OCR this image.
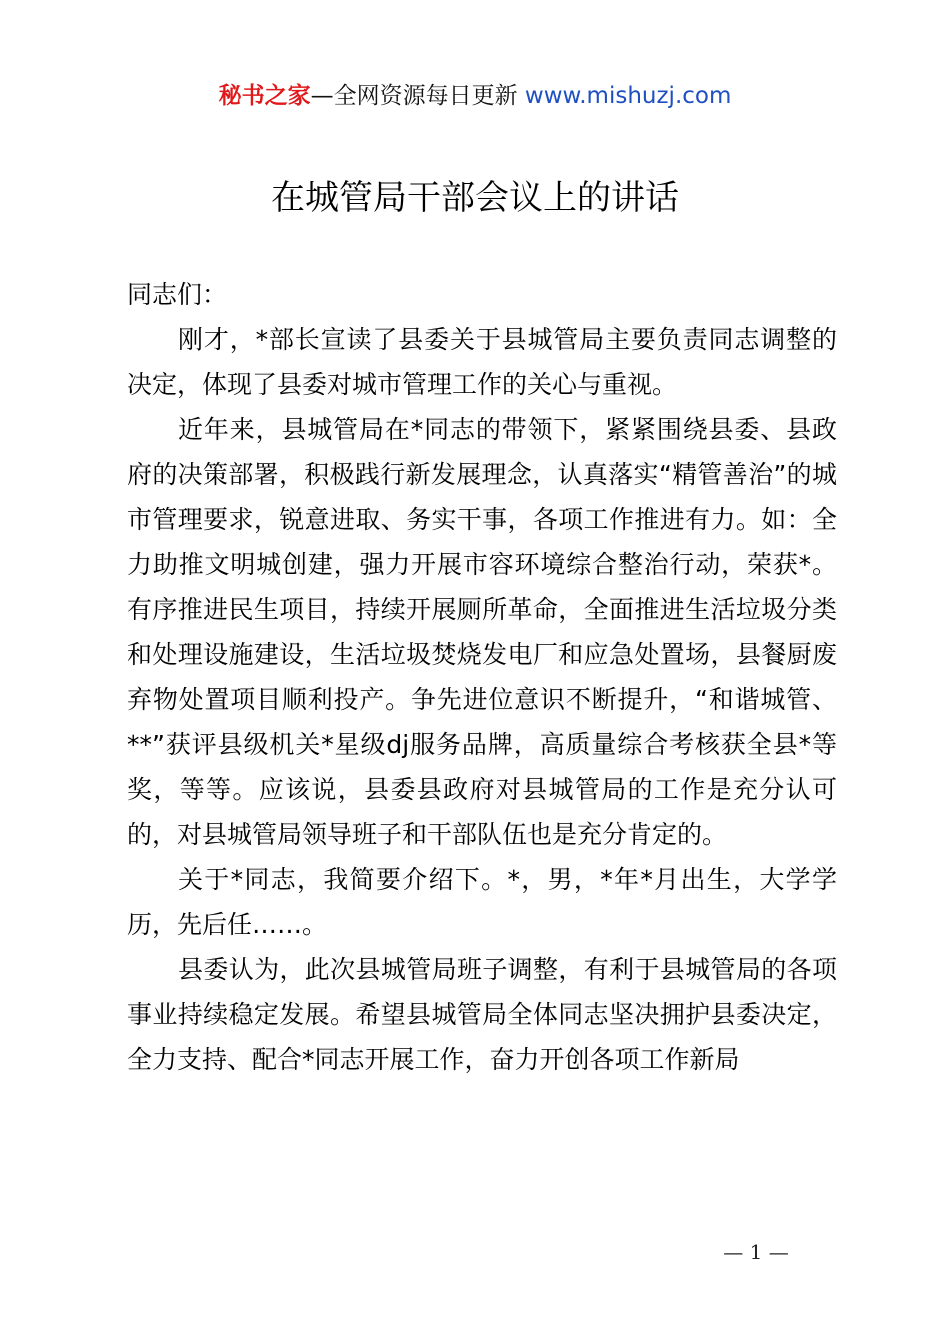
秘书之家—全网资源每日更新 www.mishuzj.com
在城管局干部会议上的讲话

同志们：

刚才，*部长宣读了县委关于县城管局主要负责同志调整的决定，体现了县委对城市管理工作的关心与重视。

近年来，县城管局在*同志的带领下，紧紧围绕县委、县政府的决策部署，积极践行新发展理念，认真落实“精管善治”的城市管理要求，锐意进取、务实干事，各项工作推进有力。如：全力助推文明城创建，强力开展市容环境综合整治行动，荣获*。有序推进民生项目，持续开展厕所革命，全面推进生活垃圾分类和处理设施建设，生活垃圾焚烧发电厂和应急处置场，县餐厨废弃物处置项目顺利投产。争先进位意识不断提升，“和谐城管、**”获评县级机关*星级dj服务品牌，高质量综合考核获全县*等奖，等等。应该说，县委县政府对县城管局的工作是充分认可的，对县城管局领导班子和干部队伍也是充分肯定的。

关于*同志，我简要介绍下。*，男，*年*月出生，大学学历，先后任……。

县委认为，此次县城管局班子调整，有利于县城管局的各项事业持续稳定发展。希望县城管局全体同志坚决拥护县委决定，全力支持、配合*同志开展工作，奋力开创各项工作新局

— 1 —
